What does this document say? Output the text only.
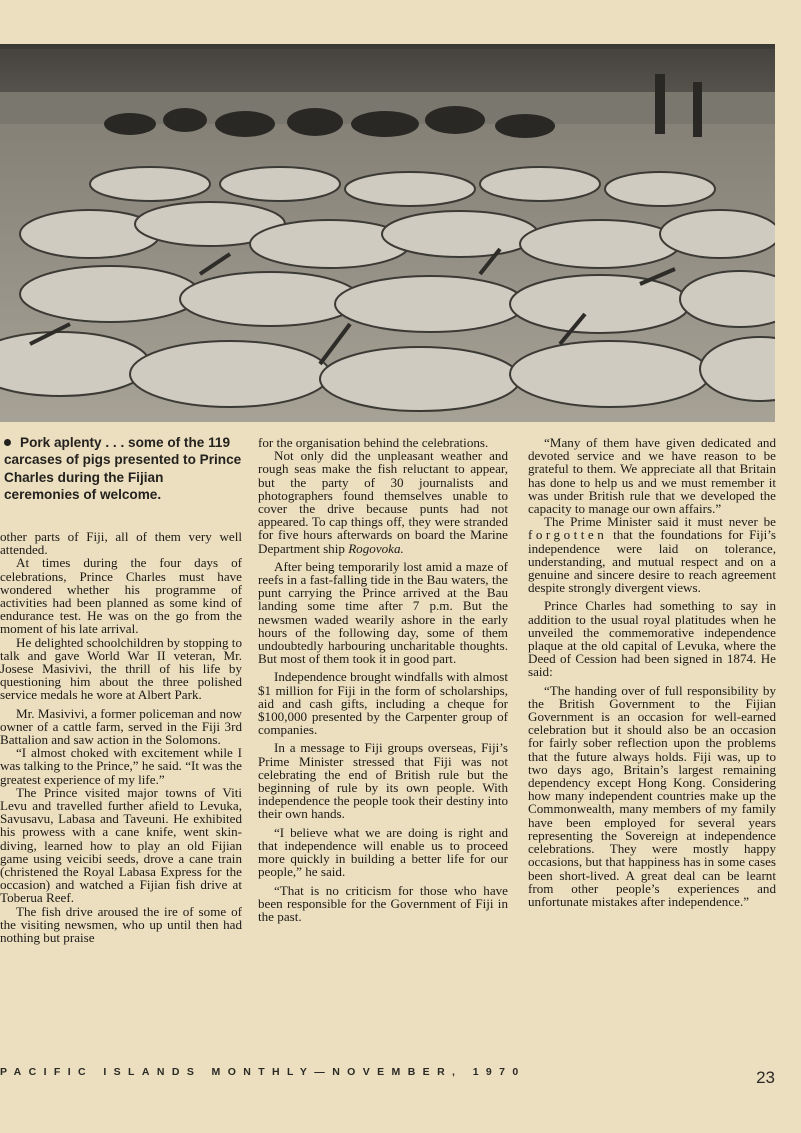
Pork aplenty . . . some of the 119 carcases of pigs presented to Prince Charles during the Fijian ceremonies of welcome.

other parts of Fiji, all of them very well attended.

At times during the four days of celebrations, Prince Charles must have wondered whether his programme of activities had been planned as some kind of endurance test. He was on the go from the moment of his late arrival.

He delighted schoolchildren by stopping to talk and gave World War II veteran, Mr. Josese Masivivi, the thrill of his life by questioning him about the three polished service medals he wore at Albert Park.

Mr. Masivivi, a former policeman and now owner of a cattle farm, served in the Fiji 3rd Battalion and saw action in the Solomons.

“I almost choked with excitement while I was talking to the Prince,” he said. “It was the greatest experience of my life.”

The Prince visited major towns of Viti Levu and travelled further afield to Levuka, Savusavu, Labasa and Taveuni. He exhibited his prowess with a cane knife, went skin-diving, learned how to play an old Fijian game using veicibi seeds, drove a cane train (christened the Royal Labasa Express for the occasion) and watched a Fijian fish drive at Toberua Reef.

The fish drive aroused the ire of some of the visiting newsmen, who up until then had nothing but praise

for the organisation behind the celebrations.

Not only did the unpleasant weather and rough seas make the fish reluctant to appear, but the party of 30 journalists and photographers found themselves unable to cover the drive because punts had not appeared. To cap things off, they were stranded for five hours afterwards on board the Marine Department ship Rogovoka.

After being temporarily lost amid a maze of reefs in a fast-falling tide in the Bau waters, the punt carrying the Prince arrived at the Bau landing some time after 7 p.m. But the newsmen waded wearily ashore in the early hours of the following day, some of them undoubtedly harbouring uncharitable thoughts. But most of them took it in good part.

Independence brought windfalls with almost $1 million for Fiji in the form of scholarships, aid and cash gifts, including a cheque for $100,000 presented by the Carpenter group of companies.

In a message to Fiji groups overseas, Fiji’s Prime Minister stressed that Fiji was not celebrating the end of British rule but the beginning of rule by its own people. With independence the people took their destiny into their own hands.

“I believe what we are doing is right and that independence will enable us to proceed more quickly in building a better life for our people,” he said.

“That is no criticism for those who have been responsible for the Government of Fiji in the past.

“Many of them have given dedicated and devoted service and we have reason to be grateful to them. We appreciate all that Britain has done to help us and we must remember it was under British rule that we developed the capacity to manage our own affairs.”

The Prime Minister said it must never be forgotten that the foundations for Fiji’s independence were laid on tolerance, understanding, and mutual respect and on a genuine and sincere desire to reach agreement despite strongly divergent views.

Prince Charles had something to say in addition to the usual royal platitudes when he unveiled the commemorative independence plaque at the old capital of Levuka, where the Deed of Cession had been signed in 1874. He said:

“The handing over of full responsibility by the British Government to the Fijian Government is an occasion for well-earned celebration but it should also be an occasion for fairly sober reflection upon the problems that the future always holds. Fiji was, up to two days ago, Britain’s largest remaining dependency except Hong Kong. Considering how many independent countries make up the Commonwealth, many members of my family have been employed for several years representing the Sovereign at independence celebrations. They were mostly happy occasions, but that happiness has in some cases been short-lived. A great deal can be learnt from other people’s experiences and unfortunate mistakes after independence.”

PACIFIC ISLANDS MONTHLY—NOVEMBER, 1970	23
